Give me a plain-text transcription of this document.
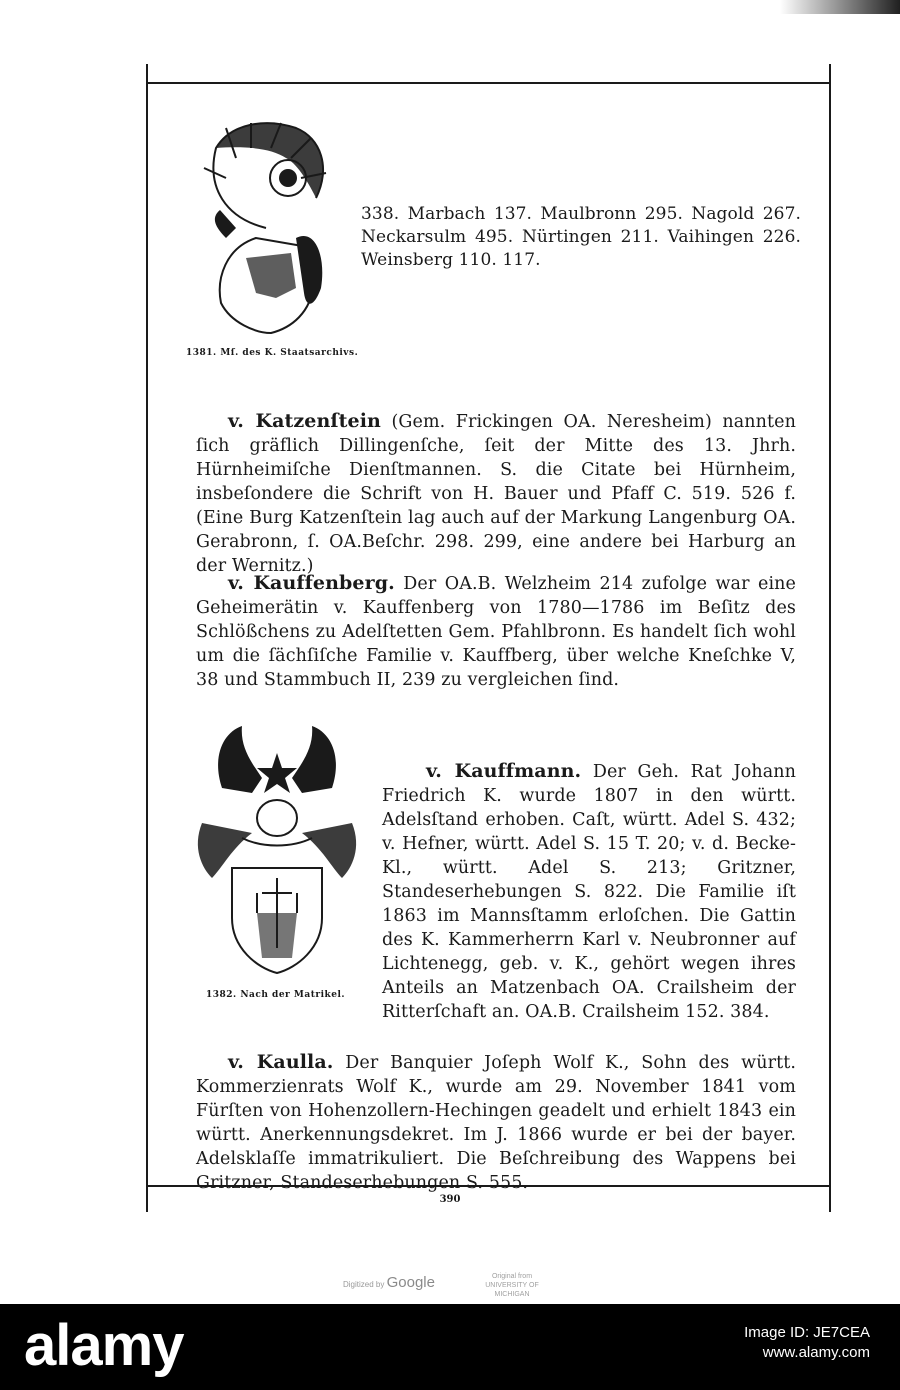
338. Marbach 137. Maulbronn 295. Nagold 267. Neckarsulm 495. Nürtingen 211. Vaihingen 226. Weinsberg 110. 117.
1381. Mſ. des K. Staatsarchivs.
v. Katzenſtein (Gem. Frickingen OA. Neresheim) nannten ſich gräflich Dillingenſche, ſeit der Mitte des 13. Jhrh. Hürnheimiſche Dienſtmannen. S. die Citate bei Hürnheim, insbeſondere die Schrift von H. Bauer und Pfaff C. 519. 526 f. (Eine Burg Katzenſtein lag auch auf der Markung Langenburg OA. Gerabronn, ſ. OA.Beſchr. 298. 299, eine andere bei Harburg an der Wernitz.)
v. Kauffenberg. Der OA.B. Welzheim 214 zufolge war eine Geheimerätin v. Kauffenberg von 1780—1786 im Beſitz des Schlößchens zu Adelſtetten Gem. Pfahlbronn. Es handelt ſich wohl um die ſächſiſche Familie v. Kauffberg, über welche Kneſchke V, 38 und Stammbuch II, 239 zu vergleichen ſind.
v. Kauffmann. Der Geh. Rat Johann Friedrich K. wurde 1807 in den württ. Adelsſtand erhoben. Caſt, württ. Adel S. 432; v. Hefner, württ. Adel S. 15 T. 20; v. d. Becke-Kl., württ. Adel S. 213; Gritzner, Standeserhebungen S. 822. Die Familie iſt 1863 im Mannsſtamm erloſchen. Die Gattin des K. Kammerherrn Karl v. Neubronner auf Lichtenegg, geb. v. K., gehört wegen ihres Anteils an Matzenbach OA. Crailsheim der Ritterſchaft an. OA.B. Crailsheim 152. 384.
1382. Nach der Matrikel.
v. Kaulla. Der Banquier Joſeph Wolf K., Sohn des württ. Kommerzienrats Wolf K., wurde am 29. November 1841 vom Fürſten von Hohenzollern-Hechingen geadelt und erhielt 1843 ein württ. Anerkennungsdekret. Im J. 1866 wurde er bei der bayer. Adelsklaſſe immatrikuliert. Die Beſchreibung des Wappens bei Gritzner, Standeserhebungen S. 555.
390
Digitized by Google	Original from
UNIVERSITY OF MICHIGAN
alamy	Image ID: JE7CEA
www.alamy.com
